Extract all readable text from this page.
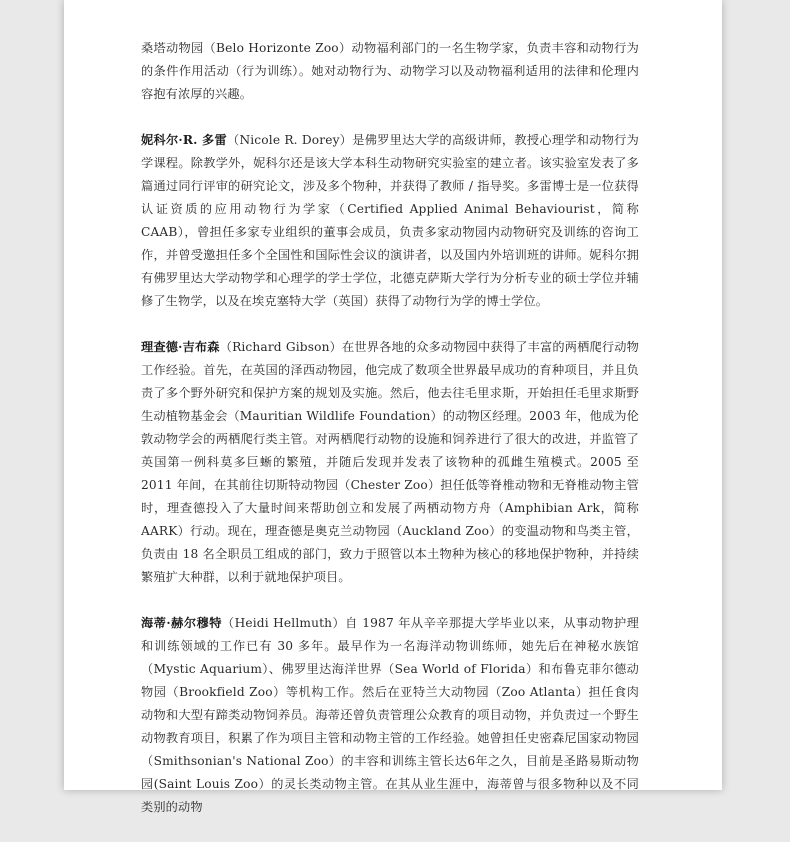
桑塔动物园（Belo Horizonte Zoo）动物福利部门的一名生物学家，负责丰容和动物行为的条件作用活动（行为训练）。她对动物行为、动物学习以及动物福利适用的法律和伦理内容抱有浓厚的兴趣。

妮科尔·R. 多雷（Nicole R. Dorey）是佛罗里达大学的高级讲师，教授心理学和动物行为学课程。除教学外，妮科尔还是该大学本科生动物研究实验室的建立者。该实验室发表了多篇通过同行评审的研究论文，涉及多个物种，并获得了教师 / 指导奖。多雷博士是一位获得认证资质的应用动物行为学家（Certified Applied Animal Behaviourist，简称CAAB），曾担任多家专业组织的董事会成员，负责多家动物园内动物研究及训练的咨询工作，并曾受邀担任多个全国性和国际性会议的演讲者，以及国内外培训班的讲师。妮科尔拥有佛罗里达大学动物学和心理学的学士学位，北德克萨斯大学行为分析专业的硕士学位并辅修了生物学，以及在埃克塞特大学（英国）获得了动物行为学的博士学位。

理查德·吉布森（Richard Gibson）在世界各地的众多动物园中获得了丰富的两栖爬行动物工作经验。首先，在英国的泽西动物园，他完成了数项全世界最早成功的育种项目，并且负责了多个野外研究和保护方案的规划及实施。然后，他去往毛里求斯，开始担任毛里求斯野生动植物基金会（Mauritian Wildlife Foundation）的动物区经理。2003 年，他成为伦敦动物学会的两栖爬行类主管。对两栖爬行动物的设施和饲养进行了很大的改进，并监管了英国第一例科莫多巨蜥的繁殖，并随后发现并发表了该物种的孤雌生殖模式。2005 至 2011 年间，在其前往切斯特动物园（Chester Zoo）担任低等脊椎动物和无脊椎动物主管时，理查德投入了大量时间来帮助创立和发展了两栖动物方舟（Amphibian Ark，简称 AARK）行动。现在，理查德是奥克兰动物园（Auckland Zoo）的变温动物和鸟类主管，负责由 18 名全职员工组成的部门，致力于照管以本土物种为核心的移地保护物种，并持续繁殖扩大种群，以利于就地保护项目。

海蒂·赫尔穆特（Heidi Hellmuth）自 1987 年从辛辛那提大学毕业以来，从事动物护理和训练领域的工作已有 30 多年。最早作为一名海洋动物训练师，她先后在神秘水族馆（Mystic Aquarium）、佛罗里达海洋世界（Sea World of Florida）和布鲁克菲尔德动物园（Brookfield Zoo）等机构工作。然后在亚特兰大动物园（Zoo Atlanta）担任食肉动物和大型有蹄类动物饲养员。海蒂还曾负责管理公众教育的项目动物，并负责过一个野生动物教育项目，积累了作为项目主管和动物主管的工作经验。她曾担任史密森尼国家动物园（Smithsonian's National Zoo）的丰容和训练主管长达6年之久，目前是圣路易斯动物园(Saint Louis Zoo）的灵长类动物主管。在其从业生涯中，海蒂曾与很多物种以及不同类别的动物
